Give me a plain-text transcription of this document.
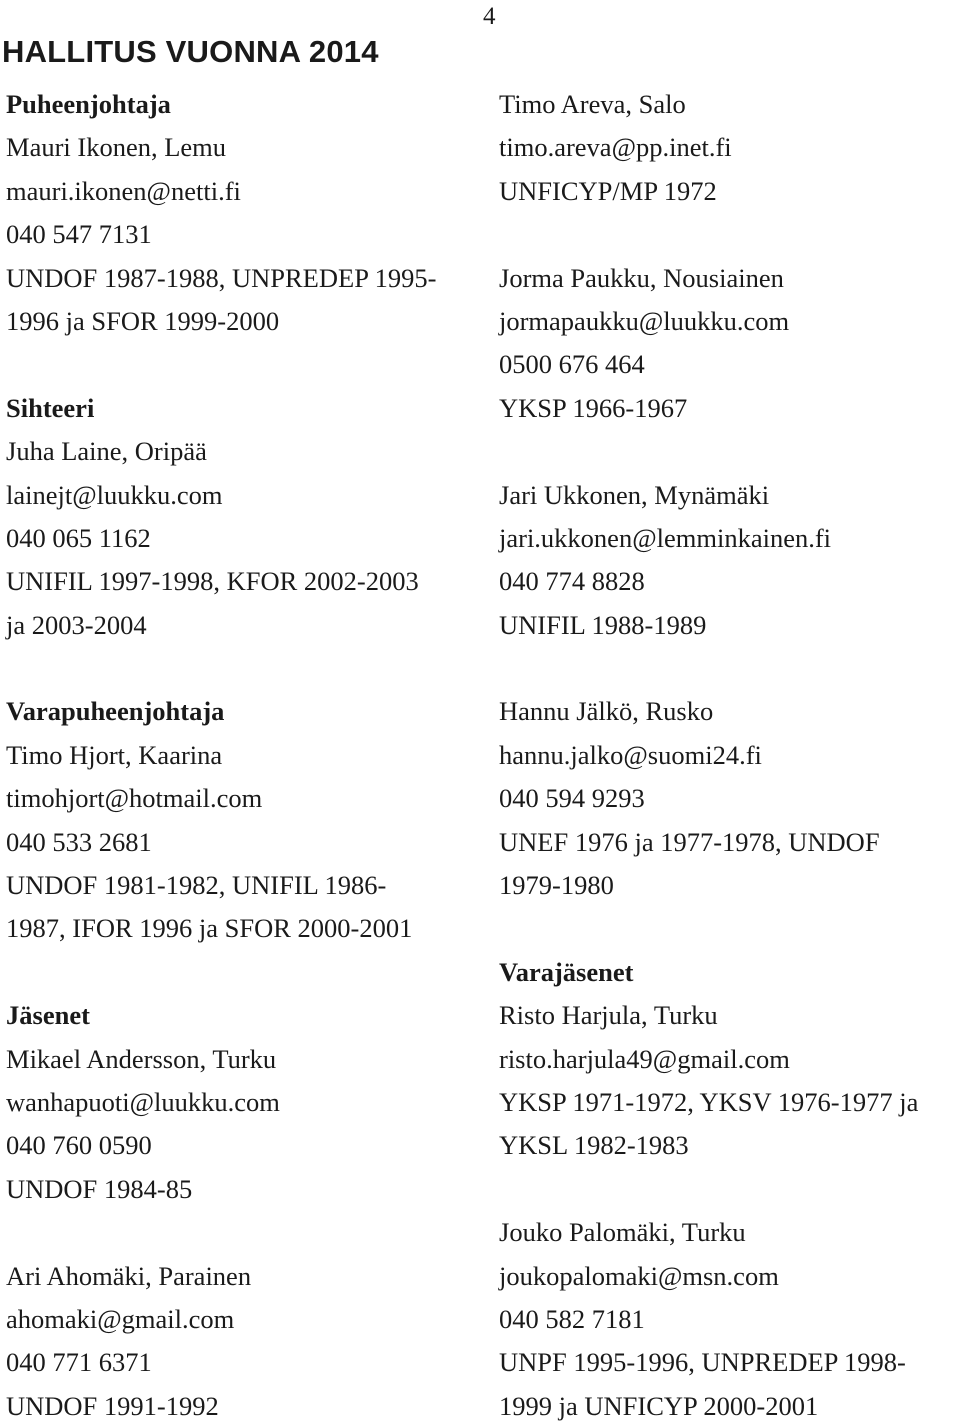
4
HALLITUS VUONNA 2014
Puheenjohtaja
Mauri Ikonen, Lemu
mauri.ikonen@netti.fi
040 547 7131
UNDOF 1987-1988, UNPREDEP 1995-
1996 ja SFOR 1999-2000
Sihteeri
Juha Laine, Oripää
lainejt@luukku.com
040 065 1162
UNIFIL 1997-1998, KFOR 2002-2003
ja 2003-2004
Varapuheenjohtaja
Timo Hjort, Kaarina
timohjort@hotmail.com
040 533 2681
UNDOF 1981-1982, UNIFIL 1986-
1987, IFOR 1996 ja SFOR 2000-2001
Jäsenet
Mikael Andersson, Turku
wanhapuoti@luukku.com
040 760 0590
UNDOF 1984-85
Ari Ahomäki, Parainen
ahomaki@gmail.com
040 771 6371
UNDOF 1991-1992
Timo Areva, Salo
timo.areva@pp.inet.fi
UNFICYP/MP 1972
Jorma Paukku, Nousiainen
jormapaukku@luukku.com
0500 676 464
YKSP 1966-1967
Jari Ukkonen, Mynämäki
jari.ukkonen@lemminkainen.fi
040 774 8828
UNIFIL 1988-1989
Hannu Jälkö, Rusko
hannu.jalko@suomi24.fi
040 594 9293
UNEF 1976 ja 1977-1978, UNDOF
1979-1980
Varajäsenet
Risto Harjula, Turku
risto.harjula49@gmail.com
YKSP 1971-1972, YKSV 1976-1977 ja
YKSL 1982-1983
Jouko Palomäki, Turku
joukopalomaki@msn.com
040 582 7181
UNPF 1995-1996, UNPREDEP 1998-
1999 ja UNFICYP 2000-2001
